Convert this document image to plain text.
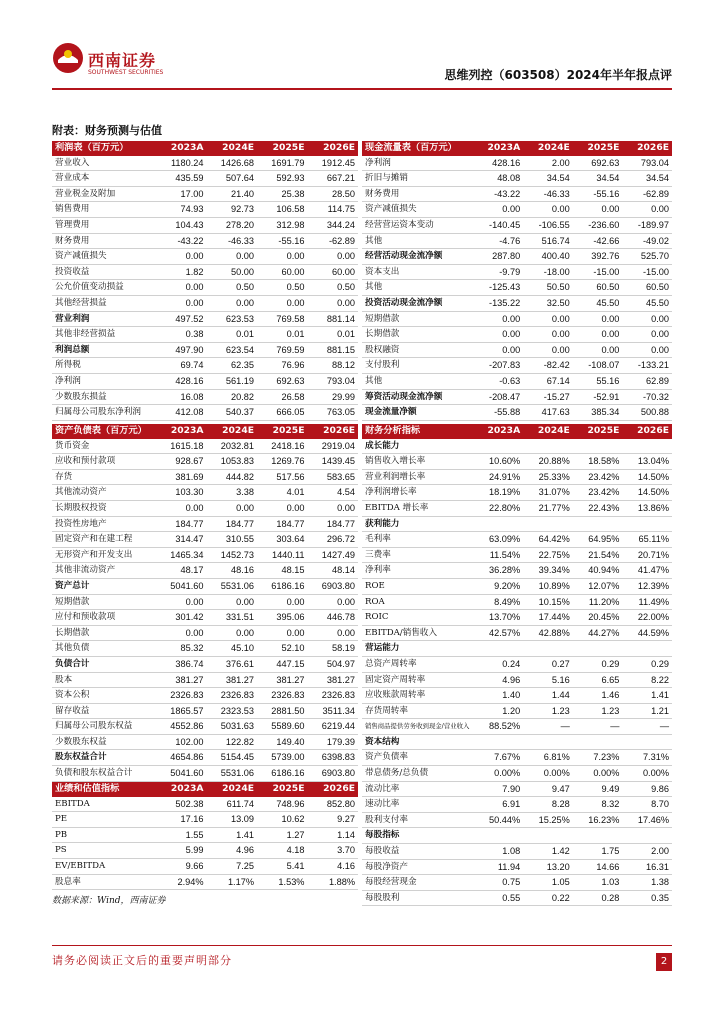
西南证券
SOUTHWEST SECURITIES	思维列控（603508）2024年半年报点评
附表：财务预测与估值
利润表（百万元）	2023A	2024E	2025E	2026E
营业收入	1180.24	1426.68	1691.79	1912.45
营业成本	435.59	507.64	592.93	667.21
营业税金及附加	17.00	21.40	25.38	28.50
销售费用	74.93	92.73	106.58	114.75
管理费用	104.43	278.20	312.98	344.24
财务费用	-43.22	-46.33	-55.16	-62.89
资产减值损失	0.00	0.00	0.00	0.00
投资收益	1.82	50.00	60.00	60.00
公允价值变动损益	0.00	0.50	0.50	0.50
其他经营损益	0.00	0.00	0.00	0.00
营业利润	497.52	623.53	769.58	881.14
其他非经营损益	0.38	0.01	0.01	0.01
利润总额	497.90	623.54	769.59	881.15
所得税	69.74	62.35	76.96	88.12
净利润	428.16	561.19	692.63	793.04
少数股东损益	16.08	20.82	26.58	29.99
归属母公司股东净利润	412.08	540.37	666.05	763.05
现金流量表（百万元）	2023A	2024E	2025E	2026E
净利润	428.16	2.00	692.63	793.04
折旧与摊销	48.08	34.54	34.54	34.54
财务费用	-43.22	-46.33	-55.16	-62.89
资产减值损失	0.00	0.00	0.00	0.00
经营营运资本变动	-140.45	-106.55	-236.60	-189.97
其他	-4.76	516.74	-42.66	-49.02
经营活动现金流净额	287.80	400.40	392.76	525.70
资本支出	-9.79	-18.00	-15.00	-15.00
其他	-125.43	50.50	60.50	60.50
投资活动现金流净额	-135.22	32.50	45.50	45.50
短期借款	0.00	0.00	0.00	0.00
长期借款	0.00	0.00	0.00	0.00
股权融资	0.00	0.00	0.00	0.00
支付股利	-207.83	-82.42	-108.07	-133.21
其他	-0.63	67.14	55.16	62.89
筹资活动现金流净额	-208.47	-15.27	-52.91	-70.32
现金流量净额	-55.88	417.63	385.34	500.88
资产负债表（百万元）	2023A	2024E	2025E	2026E
货币资金	1615.18	2032.81	2418.16	2919.04
应收和预付款项	928.67	1053.83	1269.76	1439.45
存货	381.69	444.82	517.56	583.65
其他流动资产	103.30	3.38	4.01	4.54
长期股权投资	0.00	0.00	0.00	0.00
投资性房地产	184.77	184.77	184.77	184.77
固定资产和在建工程	314.47	310.55	303.64	296.72
无形资产和开发支出	1465.34	1452.73	1440.11	1427.49
其他非流动资产	48.17	48.16	48.15	48.14
资产总计	5041.60	5531.06	6186.16	6903.80
短期借款	0.00	0.00	0.00	0.00
应付和预收款项	301.42	331.51	395.06	446.78
长期借款	0.00	0.00	0.00	0.00
其他负债	85.32	45.10	52.10	58.19
负债合计	386.74	376.61	447.15	504.97
股本	381.27	381.27	381.27	381.27
资本公积	2326.83	2326.83	2326.83	2326.83
留存收益	1865.57	2323.53	2881.50	3511.34
归属母公司股东权益	4552.86	5031.63	5589.60	6219.44
少数股东权益	102.00	122.82	149.40	179.39
股东权益合计	4654.86	5154.45	5739.00	6398.83
负债和股东权益合计	5041.60	5531.06	6186.16	6903.80
财务分析指标	2023A	2024E	2025E	2026E
成长能力				
销售收入增长率	10.60%	20.88%	18.58%	13.04%
营业利润增长率	24.91%	25.33%	23.42%	14.50%
净利润增长率	18.19%	31.07%	23.42%	14.50%
EBITDA 增长率	22.80%	21.77%	22.43%	13.86%
获利能力				
毛利率	63.09%	64.42%	64.95%	65.11%
三费率	11.54%	22.75%	21.54%	20.71%
净利率	36.28%	39.34%	40.94%	41.47%
ROE	9.20%	10.89%	12.07%	12.39%
ROA	8.49%	10.15%	11.20%	11.49%
ROIC	13.70%	17.44%	20.45%	22.00%
EBITDA/销售收入	42.57%	42.88%	44.27%	44.59%
营运能力				
总资产周转率	0.24	0.27	0.29	0.29
固定资产周转率	4.96	5.16	6.65	8.22
应收账款周转率	1.40	1.44	1.46	1.41
存货周转率	1.20	1.23	1.23	1.21
销售商品提供劳务收到现金/营业收入	88.52%	—	—	—
资本结构				
资产负债率	7.67%	6.81%	7.23%	7.31%
带息债务/总负债	0.00%	0.00%	0.00%	0.00%
流动比率	7.90	9.47	9.49	9.86
速动比率	6.91	8.28	8.32	8.70
股利支付率	50.44%	15.25%	16.23%	17.46%
每股指标				
每股收益	1.08	1.42	1.75	2.00
每股净资产	11.94	13.20	14.66	16.31
每股经营现金	0.75	1.05	1.03	1.38
每股股利	0.55	0.22	0.28	0.35
业绩和估值指标	2023A	2024E	2025E	2026E
EBITDA	502.38	611.74	748.96	852.80
PE	17.16	13.09	10.62	9.27
PB	1.55	1.41	1.27	1.14
PS	5.99	4.96	4.18	3.70
EV/EBITDA	9.66	7.25	5.41	4.16
股息率	2.94%	1.17%	1.53%	1.88%
数据来源：Wind，西南证券
请务必阅读正文后的重要声明部分	2
